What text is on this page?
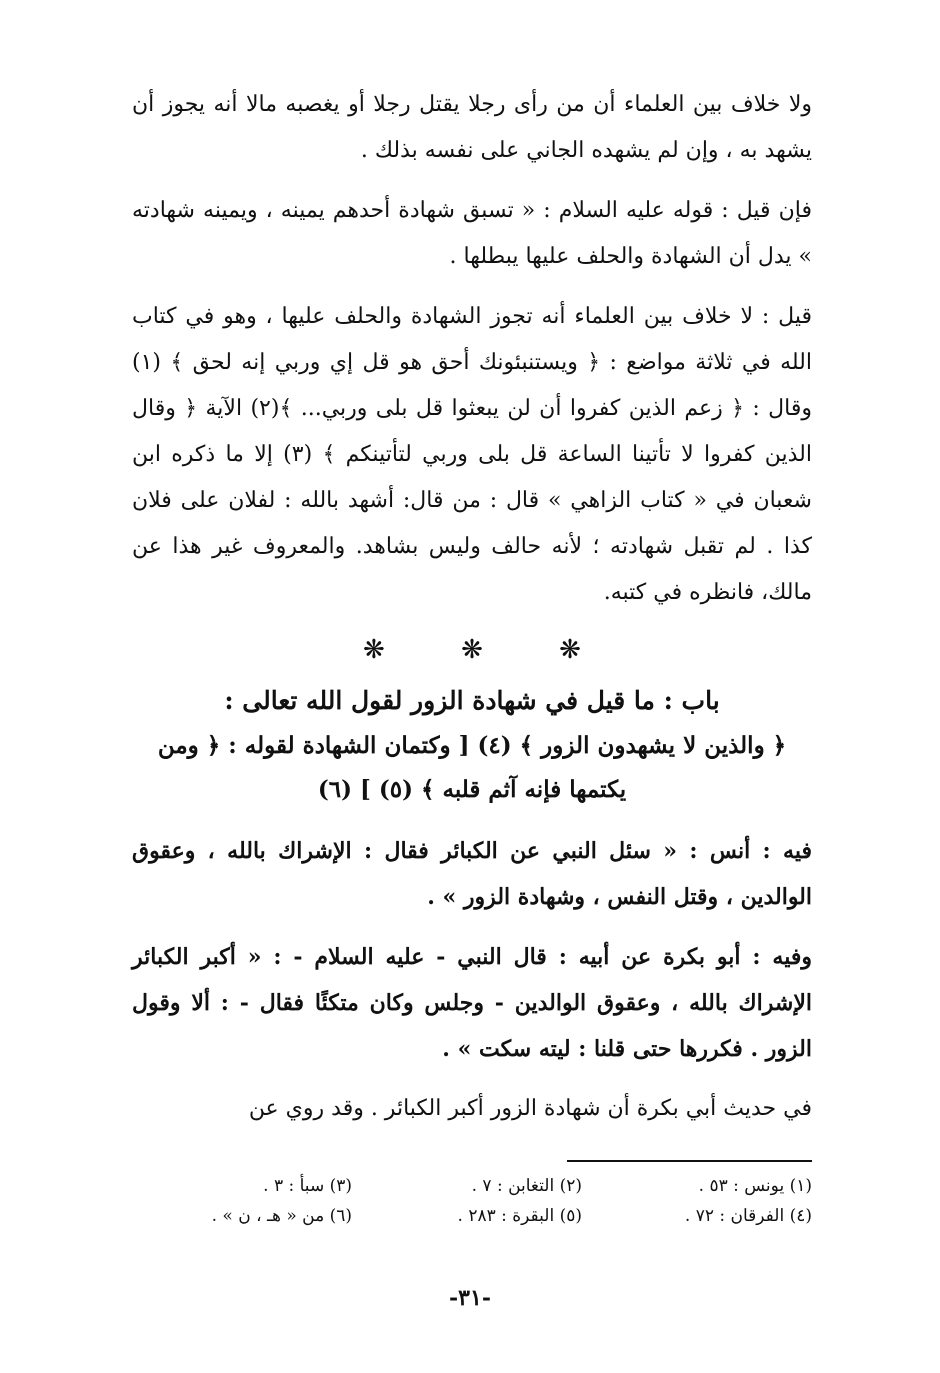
ولا خلاف بين العلماء أن من رأى رجلا يقتل رجلا أو يغصبه مالا أنه يجوز أن يشهد به ، وإن لم يشهده الجاني على نفسه بذلك .

فإن قيل : قوله عليه السلام : « تسبق شهادة أحدهم يمينه ، ويمينه شهادته » يدل أن الشهادة والحلف عليها يبطلها .

قيل : لا خلاف بين العلماء أنه تجوز الشهادة والحلف عليها ، وهو في كتاب الله في ثلاثة مواضع : ﴿ ويستنبئونك أحق هو قل إي وربي إنه لحق ﴾ (١) وقال : ﴿ زعم الذين كفروا أن لن يبعثوا قل بلى وربي... ﴾(٢) الآية ﴿ وقال الذين كفروا لا تأتينا الساعة قل بلى وربي لتأتينكم ﴾ (٣) إلا ما ذكره ابن شعبان في « كتاب الزاهي » قال : من قال: أشهد بالله : لفلان على فلان كذا . لم تقبل شهادته ؛ لأنه حالف وليس بشاهد. والمعروف غير هذا عن مالك، فانظره في كتبه.

❋ ❋ ❋
باب : ما قيل في شهادة الزور لقول الله تعالى :
﴿ والذين لا يشهدون الزور ﴾ (٤) [ وكتمان الشهادة لقوله : ﴿ ومن يكتمها فإنه آثم قلبه ﴾ (٥) ] (٦)

فيه : أنس : « سئل النبي عن الكبائر فقال : الإشراك بالله ، وعقوق الوالدين ، وقتل النفس ، وشهادة الزور » .

وفيه : أبو بكرة عن أبيه : قال النبي - عليه السلام - : « أكبر الكبائر الإشراك بالله ، وعقوق الوالدين - وجلس وكان متكئًا فقال - : ألا وقول الزور . فكررها حتى قلنا : ليته سكت » .

في حديث أبي بكرة أن شهادة الزور أكبر الكبائر . وقد روي عن

(١) يونس : ٥٣ .
(٢) التغابن : ٧ .
(٣) سبأ : ٣ .
(٤) الفرقان : ٧٢ .
(٥) البقرة : ٢٨٣ .
(٦) من « هـ ، ن » .
-٣١-
